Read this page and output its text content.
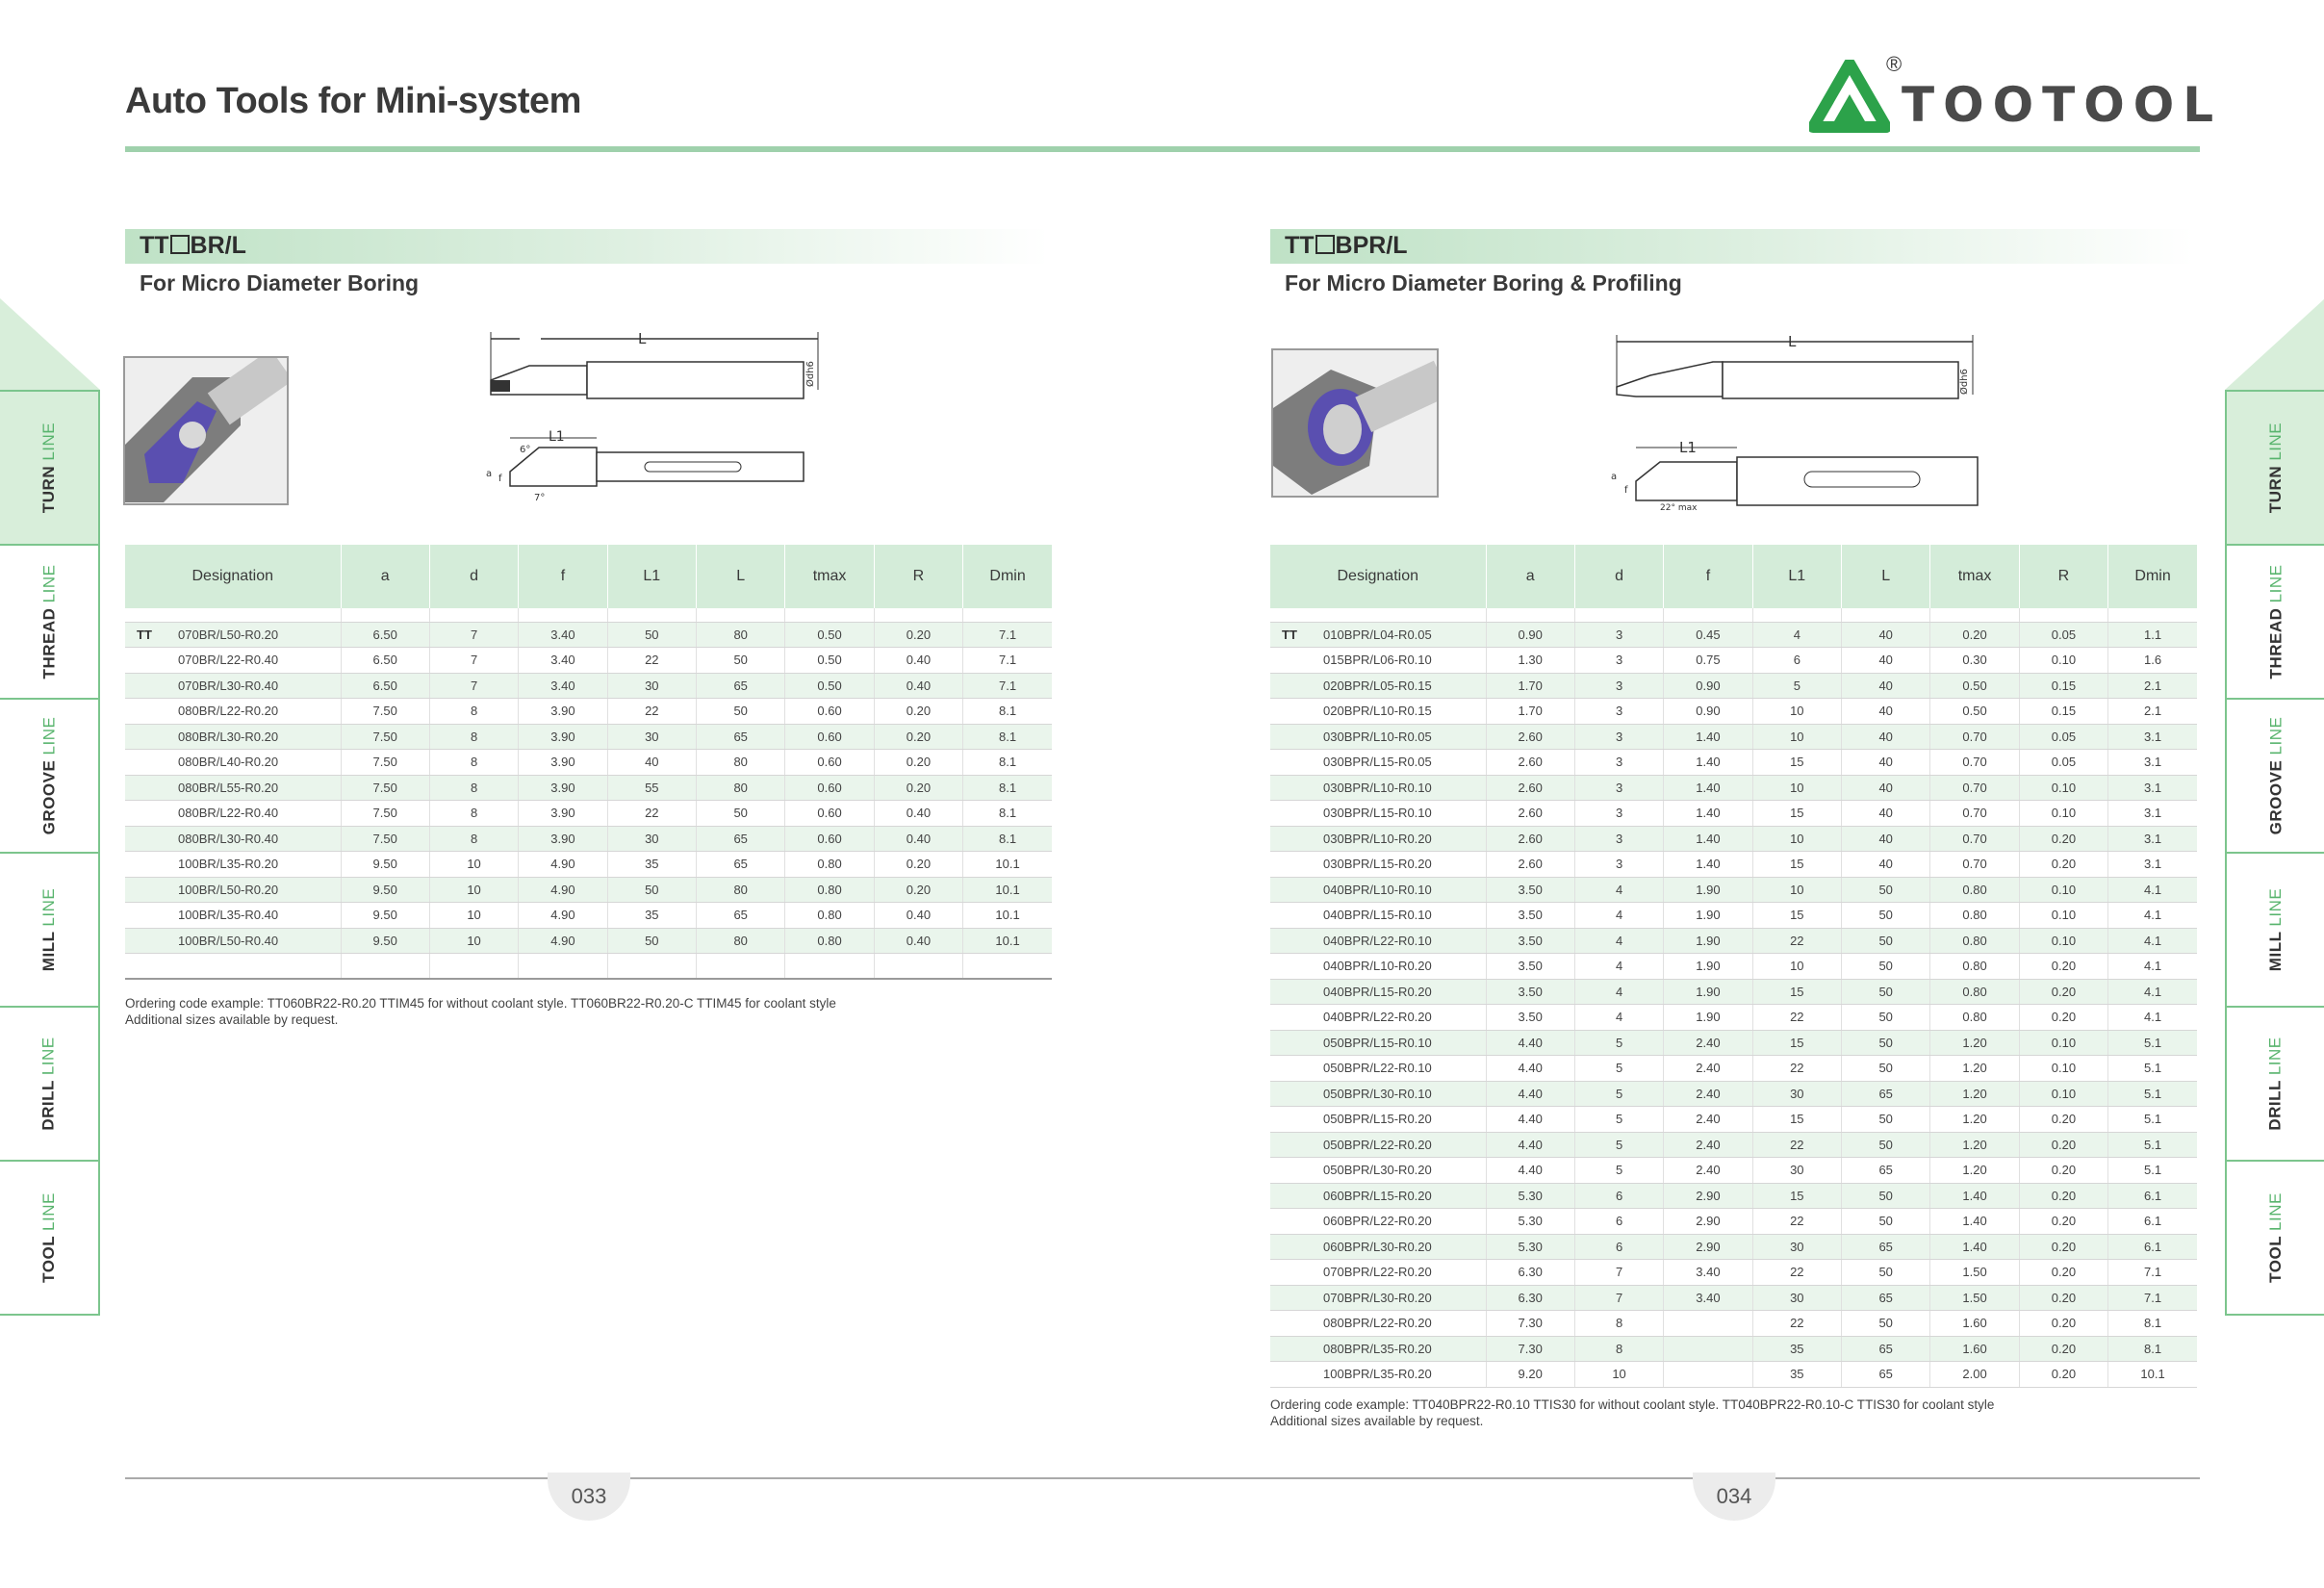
Auto Tools for Mini-system
®
TOOTOOL
TURN LINE
THREAD LINE
GROOVE LINE
MILL LINE
DRILL LINE
TOOL LINE
TURN LINE
THREAD LINE
GROOVE LINE
MILL LINE
DRILL LINE
TOOL LINE
TT BR/L
For Micro Diameter Boring
L
Ødh6
L1
6°
7°
a f
Designation	a	d	f	L1	L	tmax	R	Dmin

TT 070BR/L50-R0.20	6.50	7	3.40	50	80	0.50	0.20	7.1
070BR/L22-R0.40	6.50	7	3.40	22	50	0.50	0.40	7.1
070BR/L30-R0.40	6.50	7	3.40	30	65	0.50	0.40	7.1
080BR/L22-R0.20	7.50	8	3.90	22	50	0.60	0.20	8.1
080BR/L30-R0.20	7.50	8	3.90	30	65	0.60	0.20	8.1
080BR/L40-R0.20	7.50	8	3.90	40	80	0.60	0.20	8.1
080BR/L55-R0.20	7.50	8	3.90	55	80	0.60	0.20	8.1
080BR/L22-R0.40	7.50	8	3.90	22	50	0.60	0.40	8.1
080BR/L30-R0.40	7.50	8	3.90	30	65	0.60	0.40	8.1
100BR/L35-R0.20	9.50	10	4.90	35	65	0.80	0.20	10.1
100BR/L50-R0.20	9.50	10	4.90	50	80	0.80	0.20	10.1
100BR/L35-R0.40	9.50	10	4.90	35	65	0.80	0.40	10.1
100BR/L50-R0.40	9.50	10	4.90	50	80	0.80	0.40	10.1

Ordering code example: TT060BR22-R0.20 TTIM45 for without coolant style. TT060BR22-R0.20-C TTIM45 for coolant style
Additional sizes available by request.
TT BPR/L
For Micro Diameter Boring & Profiling
L
Ødh6
L1
22° max
a
f
Designation	a	d	f	L1	L	tmax	R	Dmin

TT 010BPR/L04-R0.05	0.90	3	0.45	4	40	0.20	0.05	1.1
015BPR/L06-R0.10	1.30	3	0.75	6	40	0.30	0.10	1.6
020BPR/L05-R0.15	1.70	3	0.90	5	40	0.50	0.15	2.1
020BPR/L10-R0.15	1.70	3	0.90	10	40	0.50	0.15	2.1
030BPR/L10-R0.05	2.60	3	1.40	10	40	0.70	0.05	3.1
030BPR/L15-R0.05	2.60	3	1.40	15	40	0.70	0.05	3.1
030BPR/L10-R0.10	2.60	3	1.40	10	40	0.70	0.10	3.1
030BPR/L15-R0.10	2.60	3	1.40	15	40	0.70	0.10	3.1
030BPR/L10-R0.20	2.60	3	1.40	10	40	0.70	0.20	3.1
030BPR/L15-R0.20	2.60	3	1.40	15	40	0.70	0.20	3.1
040BPR/L10-R0.10	3.50	4	1.90	10	50	0.80	0.10	4.1
040BPR/L15-R0.10	3.50	4	1.90	15	50	0.80	0.10	4.1
040BPR/L22-R0.10	3.50	4	1.90	22	50	0.80	0.10	4.1
040BPR/L10-R0.20	3.50	4	1.90	10	50	0.80	0.20	4.1
040BPR/L15-R0.20	3.50	4	1.90	15	50	0.80	0.20	4.1
040BPR/L22-R0.20	3.50	4	1.90	22	50	0.80	0.20	4.1
050BPR/L15-R0.10	4.40	5	2.40	15	50	1.20	0.10	5.1
050BPR/L22-R0.10	4.40	5	2.40	22	50	1.20	0.10	5.1
050BPR/L30-R0.10	4.40	5	2.40	30	65	1.20	0.10	5.1
050BPR/L15-R0.20	4.40	5	2.40	15	50	1.20	0.20	5.1
050BPR/L22-R0.20	4.40	5	2.40	22	50	1.20	0.20	5.1
050BPR/L30-R0.20	4.40	5	2.40	30	65	1.20	0.20	5.1
060BPR/L15-R0.20	5.30	6	2.90	15	50	1.40	0.20	6.1
060BPR/L22-R0.20	5.30	6	2.90	22	50	1.40	0.20	6.1
060BPR/L30-R0.20	5.30	6	2.90	30	65	1.40	0.20	6.1
070BPR/L22-R0.20	6.30	7	3.40	22	50	1.50	0.20	7.1
070BPR/L30-R0.20	6.30	7	3.40	30	65	1.50	0.20	7.1
080BPR/L22-R0.20	7.30	8		22	50	1.60	0.20	8.1
080BPR/L35-R0.20	7.30	8		35	65	1.60	0.20	8.1
100BPR/L35-R0.20	9.20	10		35	65	2.00	0.20	10.1
Ordering code example: TT040BPR22-R0.10 TTIS30 for without coolant style. TT040BPR22-R0.10-C TTIS30 for coolant style
Additional sizes available by request.
033	034
